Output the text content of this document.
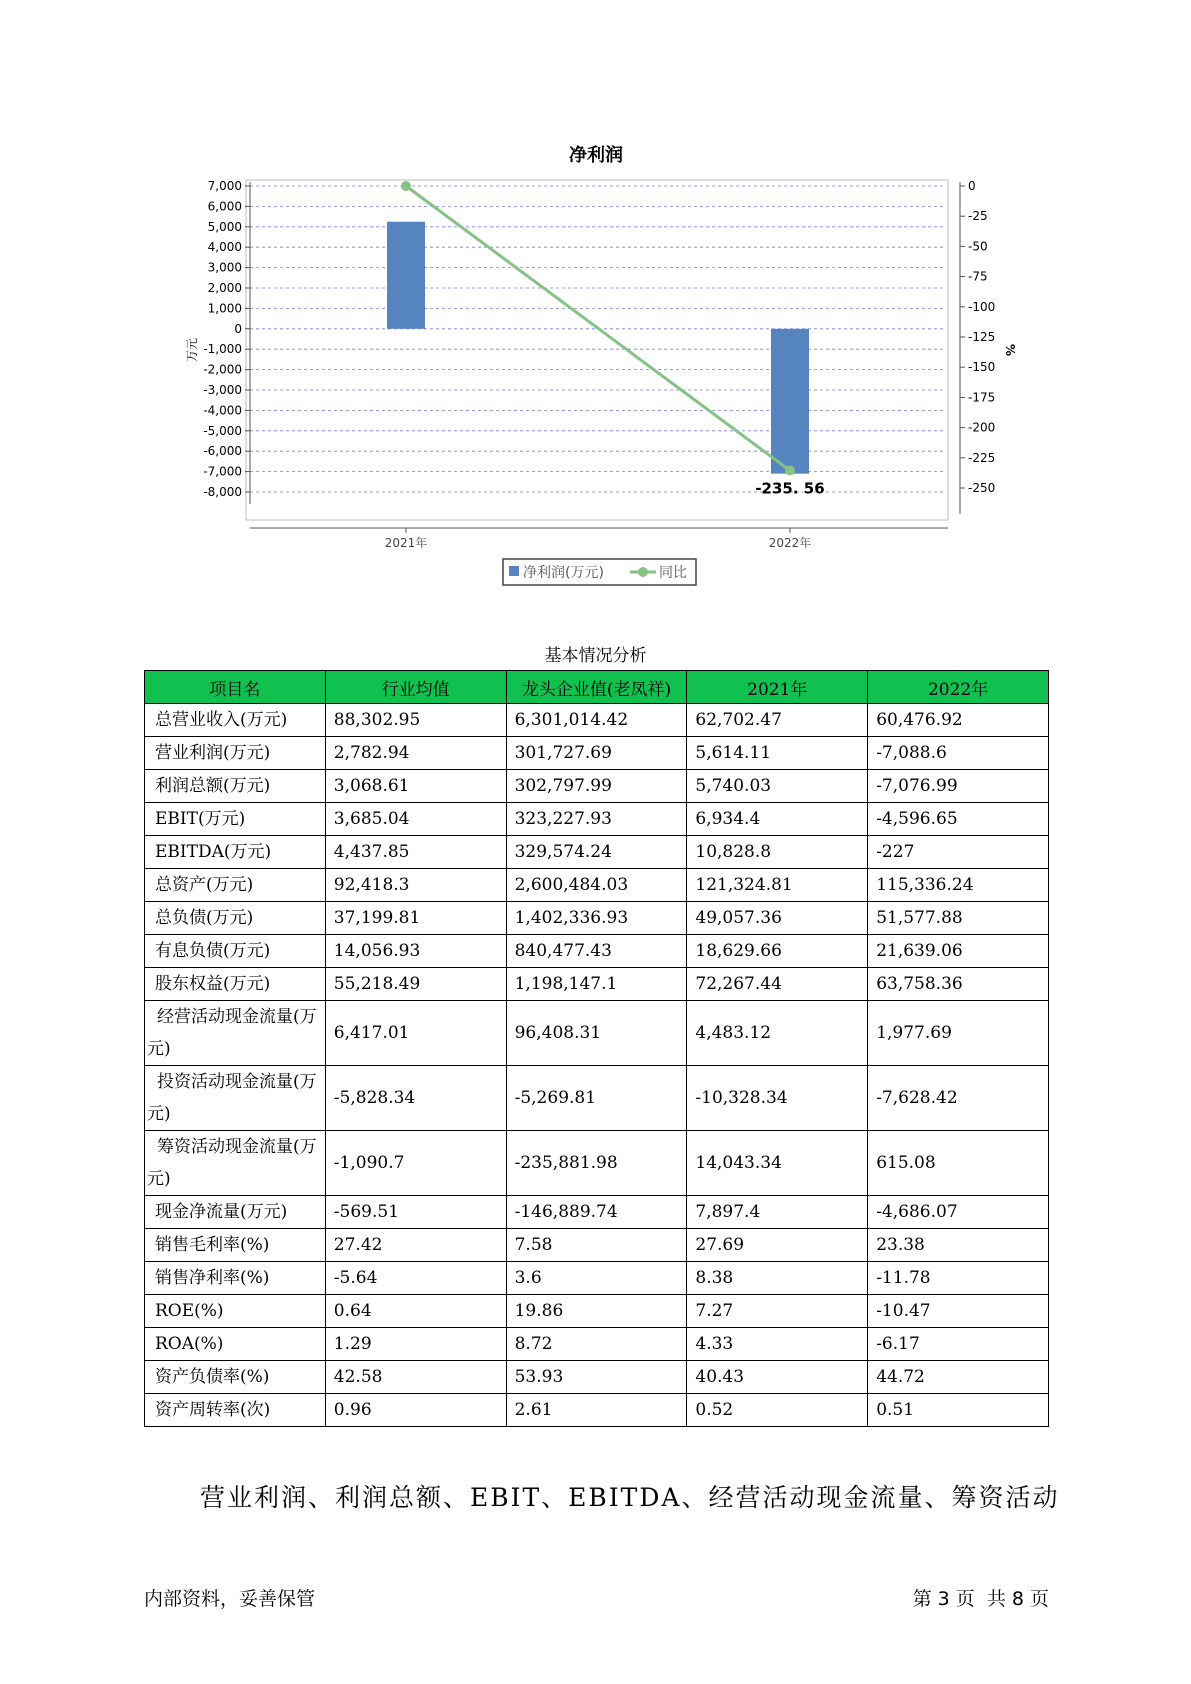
净利润
7,000
6,000
5,000
4,000
3,000
2,000
1,000
0
-1,000
-2,000
-3,000
-4,000
-5,000
-6,000
-7,000
-8,000
0
-25
-50
-75
-100
-125
-150
-175
-200
-225
-250
2021年	2022年
万元	%
-235. 56
净利润(万元)	同比
基本情况分析
项目名	行业均值	龙头企业值(老凤祥)	2021年	2022年
总营业收入(万元)	88,302.95	6,301,014.42	62,702.47	60,476.92
营业利润(万元)	2,782.94	301,727.69	5,614.11	-7,088.6
利润总额(万元)	3,068.61	302,797.99	5,740.03	-7,076.99
EBIT(万元)	3,685.04	323,227.93	6,934.4	-4,596.65
EBITDA(万元)	4,437.85	329,574.24	10,828.8	-227
总资产(万元)	92,418.3	2,600,484.03	121,324.81	115,336.24
总负债(万元)	37,199.81	1,402,336.93	49,057.36	51,577.88
有息负债(万元)	14,056.93	840,477.43	18,629.66	21,639.06
股东权益(万元)	55,218.49	1,198,147.1	72,267.44	63,758.36
经营活动现金流量(万元)	6,417.01	96,408.31	4,483.12	1,977.69
投资活动现金流量(万元)	-5,828.34	-5,269.81	-10,328.34	-7,628.42
筹资活动现金流量(万元)	-1,090.7	-235,881.98	14,043.34	615.08
现金净流量(万元)	-569.51	-146,889.74	7,897.4	-4,686.07
销售毛利率(%)	27.42	7.58	27.69	23.38
销售净利率(%)	-5.64	3.6	8.38	-11.78
ROE(%)	0.64	19.86	7.27	-10.47
ROA(%)	1.29	8.72	4.33	-6.17
资产负债率(%)	42.58	53.93	40.43	44.72
资产周转率(次)	0.96	2.61	0.52	0.51
营业利润、利润总额、EBIT、EBITDA、经营活动现金流量、筹资活动
内部资料，妥善保管	第 3 页 共 8 页
